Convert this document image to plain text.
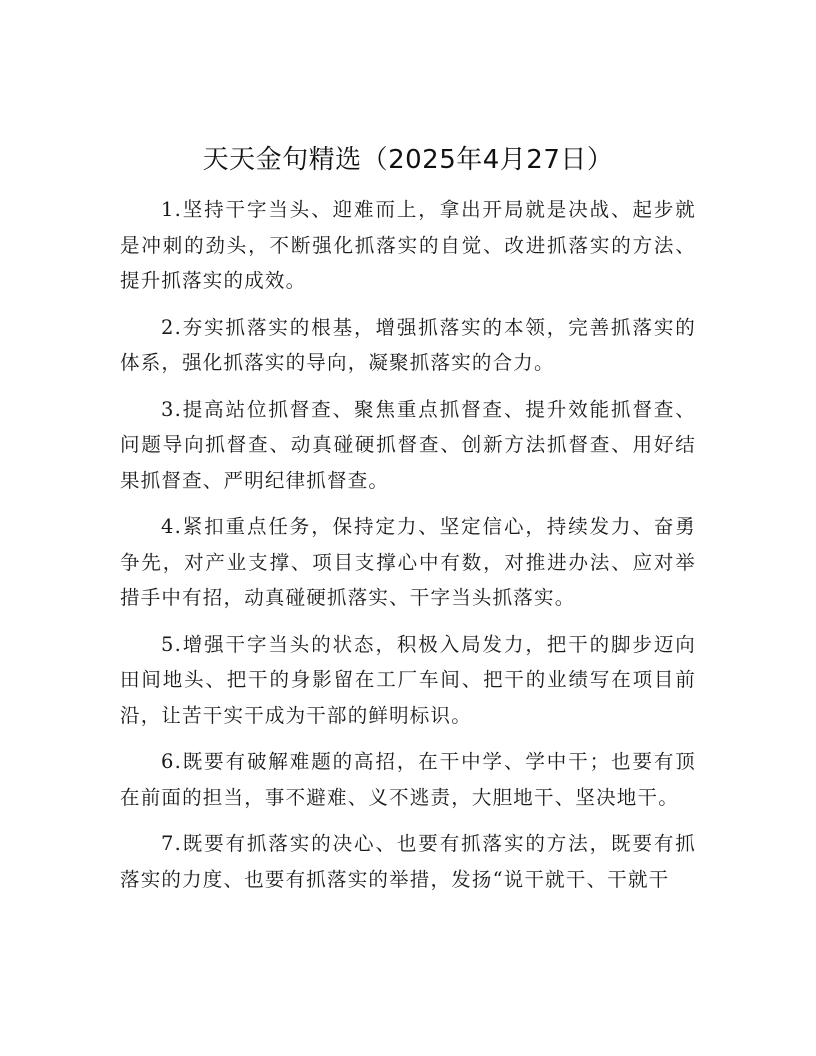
天天金句精选（2025年4月27日）

1.坚持干字当头、迎难而上，拿出开局就是决战、起步就是冲刺的劲头，不断强化抓落实的自觉、改进抓落实的方法、提升抓落实的成效。

2.夯实抓落实的根基，增强抓落实的本领，完善抓落实的体系，强化抓落实的导向，凝聚抓落实的合力。

3.提高站位抓督查、聚焦重点抓督查、提升效能抓督查、问题导向抓督查、动真碰硬抓督查、创新方法抓督查、用好结果抓督查、严明纪律抓督查。

4.紧扣重点任务，保持定力、坚定信心，持续发力、奋勇争先，对产业支撑、项目支撑心中有数，对推进办法、应对举措手中有招，动真碰硬抓落实、干字当头抓落实。

5.增强干字当头的状态，积极入局发力，把干的脚步迈向田间地头、把干的身影留在工厂车间、把干的业绩写在项目前沿，让苦干实干成为干部的鲜明标识。

6.既要有破解难题的高招，在干中学、学中干；也要有顶在前面的担当，事不避难、义不逃责，大胆地干、坚决地干。

7.既要有抓落实的决心、也要有抓落实的方法，既要有抓落实的力度、也要有抓落实的举措，发扬“说干就干、干就干
